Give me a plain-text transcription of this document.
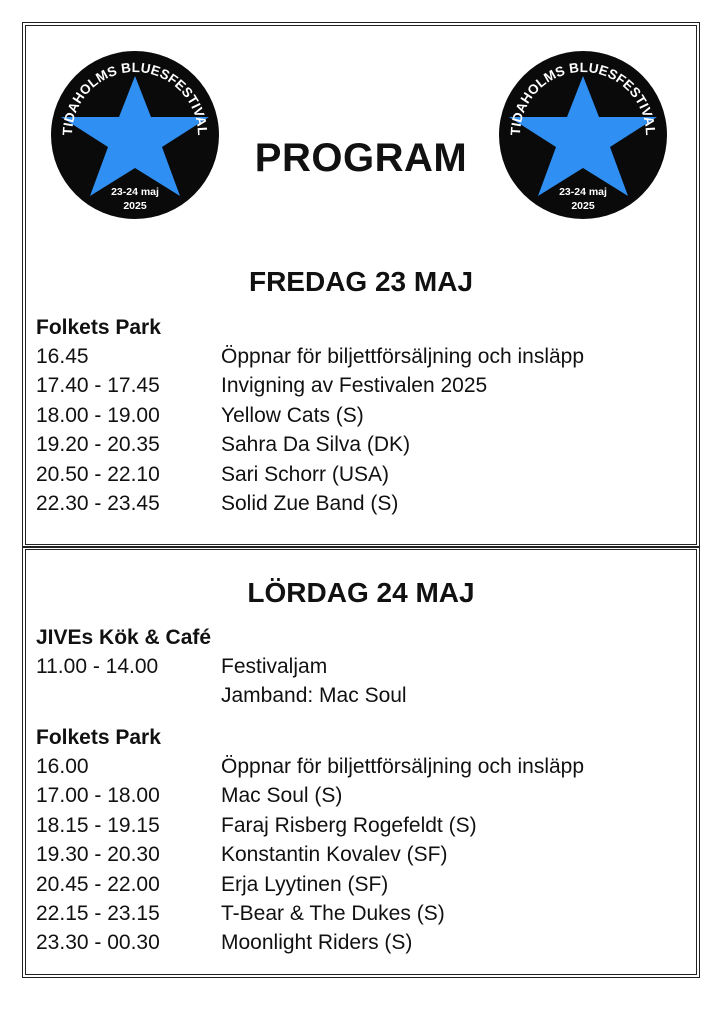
TIDAHOLMS BLUESFESTIVAL
23-24 maj
2025
TIDAHOLMS BLUESFESTIVAL
23-24 maj
2025
PROGRAM
FREDAG 23 MAJ
Folkets Park
16.45	Öppnar för biljettförsäljning och insläpp
17.40 - 17.45	Invigning av Festivalen 2025
18.00 - 19.00	Yellow Cats (S)
19.20 - 20.35	Sahra Da Silva (DK)
20.50 - 22.10	Sari Schorr (USA)
22.30 - 23.45	Solid Zue Band (S)
LÖRDAG 24 MAJ
JIVEs Kök & Café
11.00 - 14.00	Festivaljam
Jamband: Mac Soul
Folkets Park
16.00	Öppnar för biljettförsäljning och insläpp
17.00 - 18.00	Mac Soul (S)
18.15 - 19.15	Faraj Risberg Rogefeldt (S)
19.30 - 20.30	Konstantin Kovalev (SF)
20.45 - 22.00	Erja Lyytinen (SF)
22.15 - 23.15	T-Bear & The Dukes (S)
23.30 - 00.30	Moonlight Riders (S)
